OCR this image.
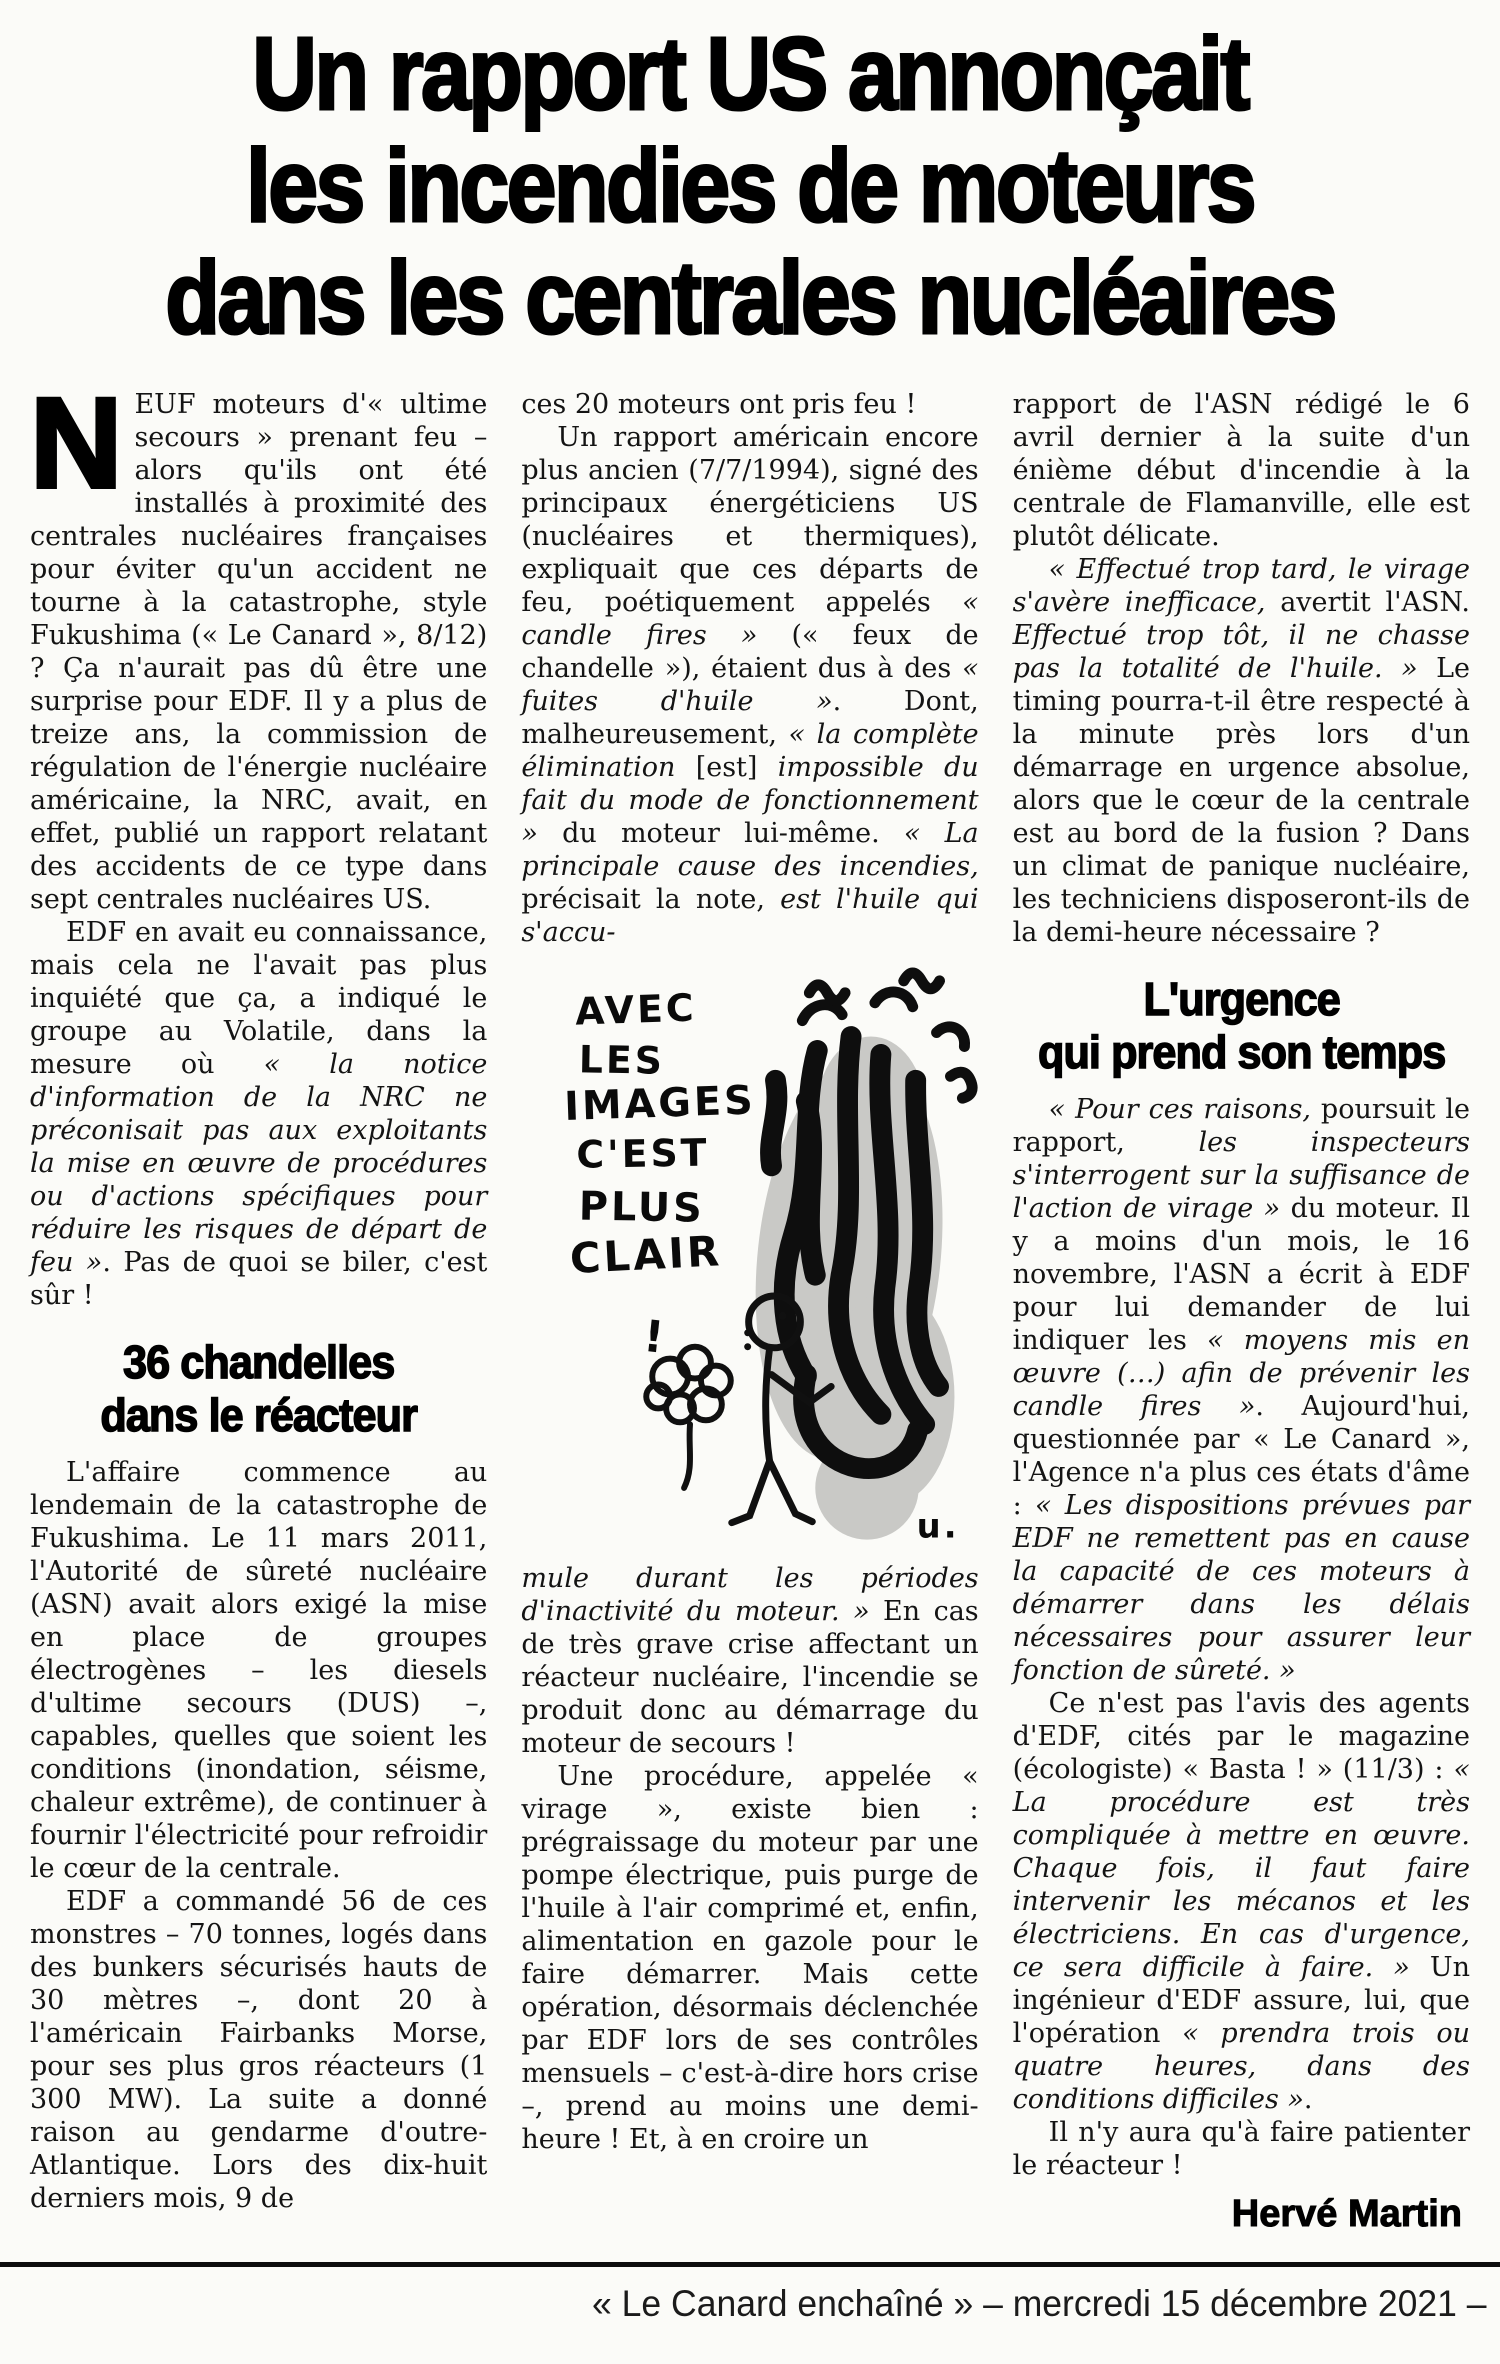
Un rapport US annonçait
les incendies de moteurs
dans les centrales nucléaires

NEUF moteurs d'« ultime secours » prenant feu – alors qu'ils ont été installés à proximité des centrales nucléaires françaises pour éviter qu'un accident ne tourne à la catastrophe, style Fukushima (« Le Canard », 8/12) ? Ça n'aurait pas dû être une surprise pour EDF. Il y a plus de treize ans, la commission de régulation de l'énergie nucléaire américaine, la NRC, avait, en effet, publié un rapport relatant des accidents de ce type dans sept centrales nucléaires US.

EDF en avait eu connaissance, mais cela ne l'avait pas plus inquiété que ça, a indiqué le groupe au Volatile, dans la mesure où « la notice d'information de la NRC ne préconisait pas aux exploitants la mise en œuvre de procédures ou d'actions spécifiques pour réduire les risques de départ de feu ». Pas de quoi se biler, c'est sûr !

36 chandelles
dans le réacteur

L'affaire commence au lendemain de la catastrophe de Fukushima. Le 11 mars 2011, l'Autorité de sûreté nucléaire (ASN) avait alors exigé la mise en place de groupes électrogènes – les diesels d'ultime secours (DUS) –, capables, quelles que soient les conditions (inondation, séisme, chaleur extrême), de continuer à fournir l'électricité pour refroidir le cœur de la centrale.

EDF a commandé 56 de ces monstres – 70 tonnes, logés dans des bunkers sécurisés hauts de 30 mètres –, dont 20 à l'américain Fairbanks Morse, pour ses plus gros réacteurs (1 300 MW). La suite a donné raison au gendarme d'outre-Atlantique. Lors des dix-huit derniers mois, 9 de

ces 20 moteurs ont pris feu !

Un rapport américain encore plus ancien (7/7/1994), signé des principaux énergéticiens US (nucléaires et thermiques), expliquait que ces départs de feu, poétiquement appelés « candle fires » (« feux de chandelle »), étaient dus à des « fuites d'huile ». Dont, malheureusement, « la complète élimination [est] impossible du fait du mode de fonctionnement » du moteur lui-même. « La principale cause des incendies, précisait la note, est l'huile qui s'accu-

AVEC
LES
IMAGES
C'EST
PLUS
CLAIR
!
u.

mule durant les périodes d'inactivité du moteur. » En cas de très grave crise affectant un réacteur nucléaire, l'incendie se produit donc au démarrage du moteur de secours !

Une procédure, appelée « virage », existe bien : prégraissage du moteur par une pompe électrique, puis purge de l'huile à l'air comprimé et, enfin, alimentation en gazole pour le faire démarrer. Mais cette opération, désormais déclenchée par EDF lors de ses contrôles mensuels – c'est-à-dire hors crise –, prend au moins une demi-heure ! Et, à en croire un

rapport de l'ASN rédigé le 6 avril dernier à la suite d'un énième début d'incendie à la centrale de Flamanville, elle est plutôt délicate.

« Effectué trop tard, le virage s'avère inefficace, avertit l'ASN. Effectué trop tôt, il ne chasse pas la totalité de l'huile. » Le timing pourra-t-il être respecté à la minute près lors d'un démarrage en urgence absolue, alors que le cœur de la centrale est au bord de la fusion ? Dans un climat de panique nucléaire, les techniciens disposeront-ils de la demi-heure nécessaire ?

L'urgence
qui prend son temps

« Pour ces raisons, poursuit le rapport, les inspecteurs s'interrogent sur la suffisance de l'action de virage » du moteur. Il y a moins d'un mois, le 16 novembre, l'ASN a écrit à EDF pour lui demander de lui indiquer les « moyens mis en œuvre (…) afin de prévenir les candle fires ». Aujourd'hui, questionnée par « Le Canard », l'Agence n'a plus ces états d'âme : « Les dispositions prévues par EDF ne remettent pas en cause la capacité de ces moteurs à démarrer dans les délais nécessaires pour assurer leur fonction de sûreté. »

Ce n'est pas l'avis des agents d'EDF, cités par le magazine (écologiste) « Basta ! » (11/3) : « La procédure est très compliquée à mettre en œuvre. Chaque fois, il faut faire intervenir les mécanos et les électriciens. En cas d'urgence, ce sera difficile à faire. » Un ingénieur d'EDF assure, lui, que l'opération « prendra trois ou quatre heures, dans des conditions difficiles ».

Il n'y aura qu'à faire patienter le réacteur !

Hervé Martin
« Le Canard enchaîné » – mercredi 15 décembre 2021 –
